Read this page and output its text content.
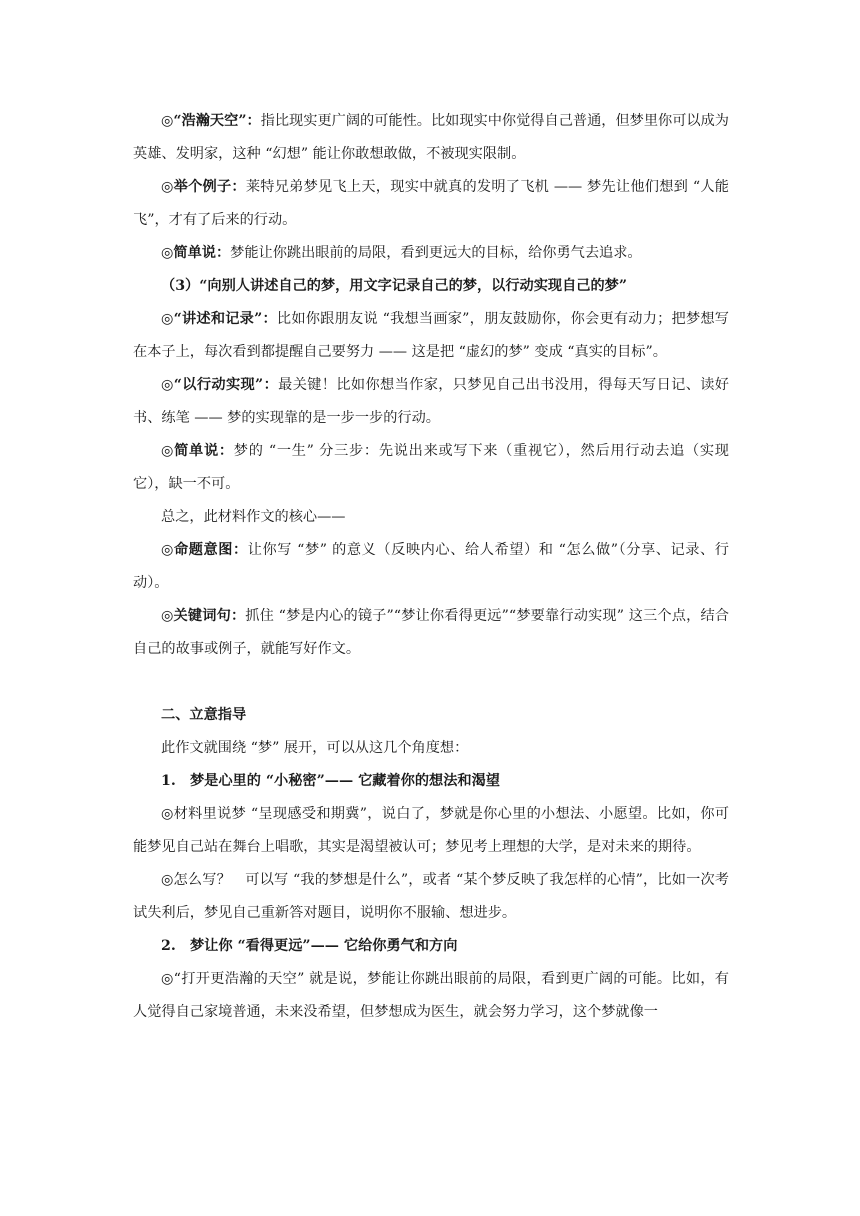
◎“浩瀚天空”：指比现实更广阔的可能性。比如现实中你觉得自己普通，但梦里你可以成为英雄、发明家，这种 “幻想” 能让你敢想敢做，不被现实限制。

◎举个例子：莱特兄弟梦见飞上天，现实中就真的发明了飞机 —— 梦先让他们想到 “人能飞”，才有了后来的行动。

◎简单说：梦能让你跳出眼前的局限，看到更远大的目标，给你勇气去追求。

（3）“向别人讲述自己的梦，用文字记录自己的梦，以行动实现自己的梦”

◎“讲述和记录”：比如你跟朋友说 “我想当画家”，朋友鼓励你，你会更有动力；把梦想写在本子上，每次看到都提醒自己要努力 —— 这是把 “虚幻的梦” 变成 “真实的目标”。

◎“以行动实现”：最关键！比如你想当作家，只梦见自己出书没用，得每天写日记、读好书、练笔 —— 梦的实现靠的是一步一步的行动。

◎简单说：梦的 “一生” 分三步：先说出来或写下来（重视它），然后用行动去追（实现它），缺一不可。

总之，此材料作文的核心——

◎命题意图：让你写 “梦” 的意义（反映内心、给人希望）和 “怎么做”（分享、记录、行动）。

◎关键词句：抓住 “梦是内心的镜子”“梦让你看得更远”“梦要靠行动实现” 这三个点，结合自己的故事或例子，就能写好作文。

二、立意指导

此作文就围绕 “梦” 展开，可以从这几个角度想：

1.　梦是心里的 “小秘密”—— 它藏着你的想法和渴望

◎材料里说梦 “呈现感受和期冀”，说白了，梦就是你心里的小想法、小愿望。比如，你可能梦见自己站在舞台上唱歌，其实是渴望被认可；梦见考上理想的大学，是对未来的期待。

◎怎么写？　可以写 “我的梦想是什么”，或者 “某个梦反映了我怎样的心情”，比如一次考试失利后，梦见自己重新答对题目，说明你不服输、想进步。

2.　梦让你 “看得更远”—— 它给你勇气和方向

◎“打开更浩瀚的天空” 就是说，梦能让你跳出眼前的局限，看到更广阔的可能。比如，有人觉得自己家境普通，未来没希望，但梦想成为医生，就会努力学习，这个梦就像一
